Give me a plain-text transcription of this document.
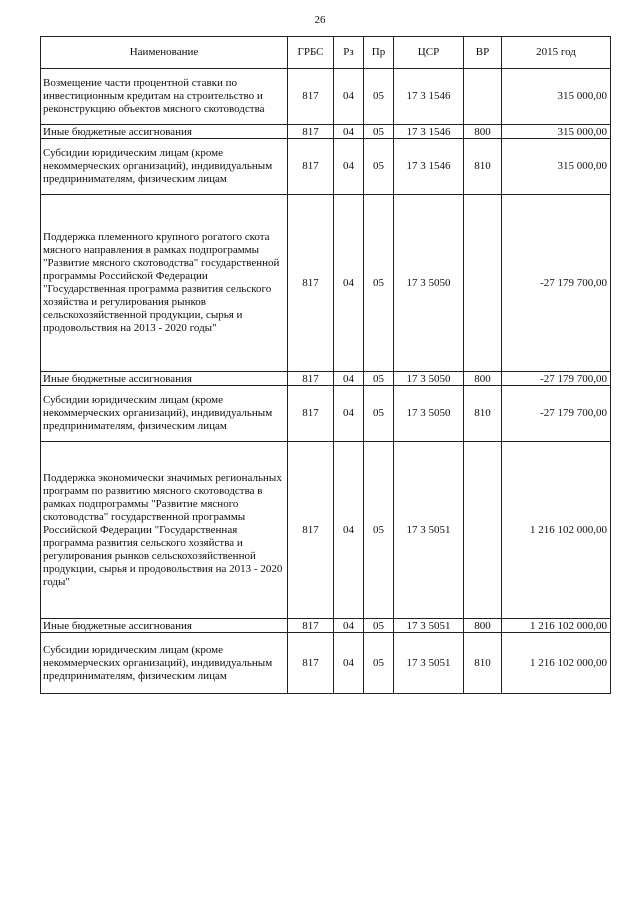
26
Наименование	ГРБС	Рз	Пр	ЦСР	ВР	2015 год
Возмещение части процентной ставки по инвестиционным кредитам на строительство и реконструкцию объектов мясного скотоводства	817	04	05	17 3 1546		315 000,00
Иные бюджетные ассигнования	817	04	05	17 3 1546	800	315 000,00
Субсидии юридическим лицам (кроме некоммерческих организаций), индивидуальным предпринимателям, физическим лицам	817	04	05	17 3 1546	810	315 000,00
Поддержка племенного крупного рогатого скота мясного направления в рамках подпрограммы "Развитие мясного скотоводства" государственной программы Российской Федерации "Государственная программа развития сельского хозяйства и регулирования рынков сельскохозяйственной продукции, сырья и продовольствия на 2013 - 2020 годы"	817	04	05	17 3 5050		-27 179 700,00
Иные бюджетные ассигнования	817	04	05	17 3 5050	800	-27 179 700,00
Субсидии юридическим лицам (кроме некоммерческих организаций), индивидуальным предпринимателям, физическим лицам	817	04	05	17 3 5050	810	-27 179 700,00
Поддержка экономически значимых региональных программ по развитию мясного скотоводства в рамках подпрограммы "Развитие мясного скотоводства" государственной программы Российской Федерации "Государственная программа развития сельского хозяйства и регулирования рынков сельскохозяйственной продукции, сырья и продовольствия на 2013 - 2020 годы"	817	04	05	17 3 5051		1 216 102 000,00
Иные бюджетные ассигнования	817	04	05	17 3 5051	800	1 216 102 000,00
Субсидии юридическим лицам (кроме некоммерческих организаций), индивидуальным предпринимателям, физическим лицам	817	04	05	17 3 5051	810	1 216 102 000,00
